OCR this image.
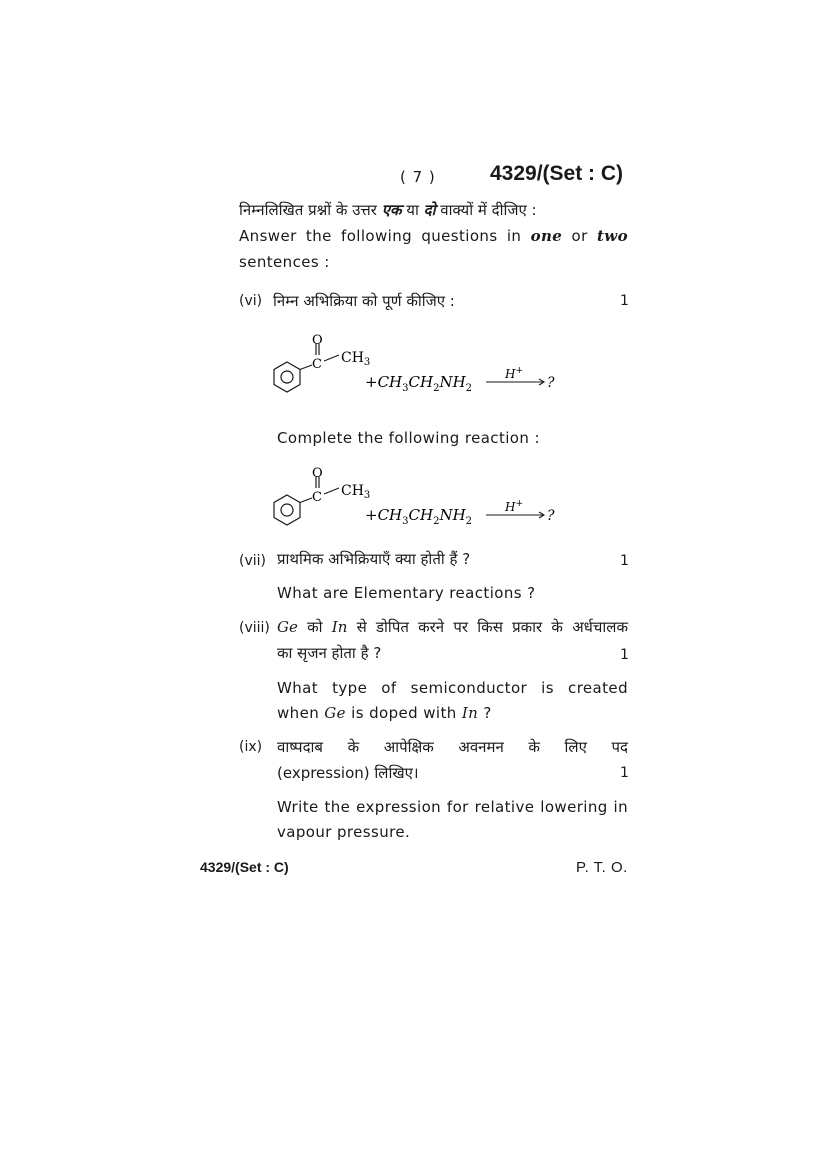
( 7 )	4329/(Set : C)
निम्नलिखित प्रश्नों के उत्तर एक या दो वाक्यों में दीजिए :
Answer the following questions in one or two
sentences :
(vi) निम्न अभिक्रिया को पूर्ण कीजिए :	1
O
C $CH_3$
$+CH_3CH_2NH_2$
H+
?
Complete the following reaction :
O
C $CH_3$
$+CH_3CH_2NH_2$
H+
?
(vii) प्राथमिक अभिक्रियाएँ क्या होती हैं ?	1
What are Elementary reactions ?
(viii) Ge को In से डोपित करने पर किस प्रकार के अर्धचालक
का सृजन होता है ?	1
What type of semiconductor is created
when Ge is doped with In ?
(ix) वाष्पदाब के आपेक्षिक अवनमन के लिए पद
(expression) लिखिए।	1
Write the expression for relative lowering in
vapour pressure.
4329/(Set : C)	P. T. O.
